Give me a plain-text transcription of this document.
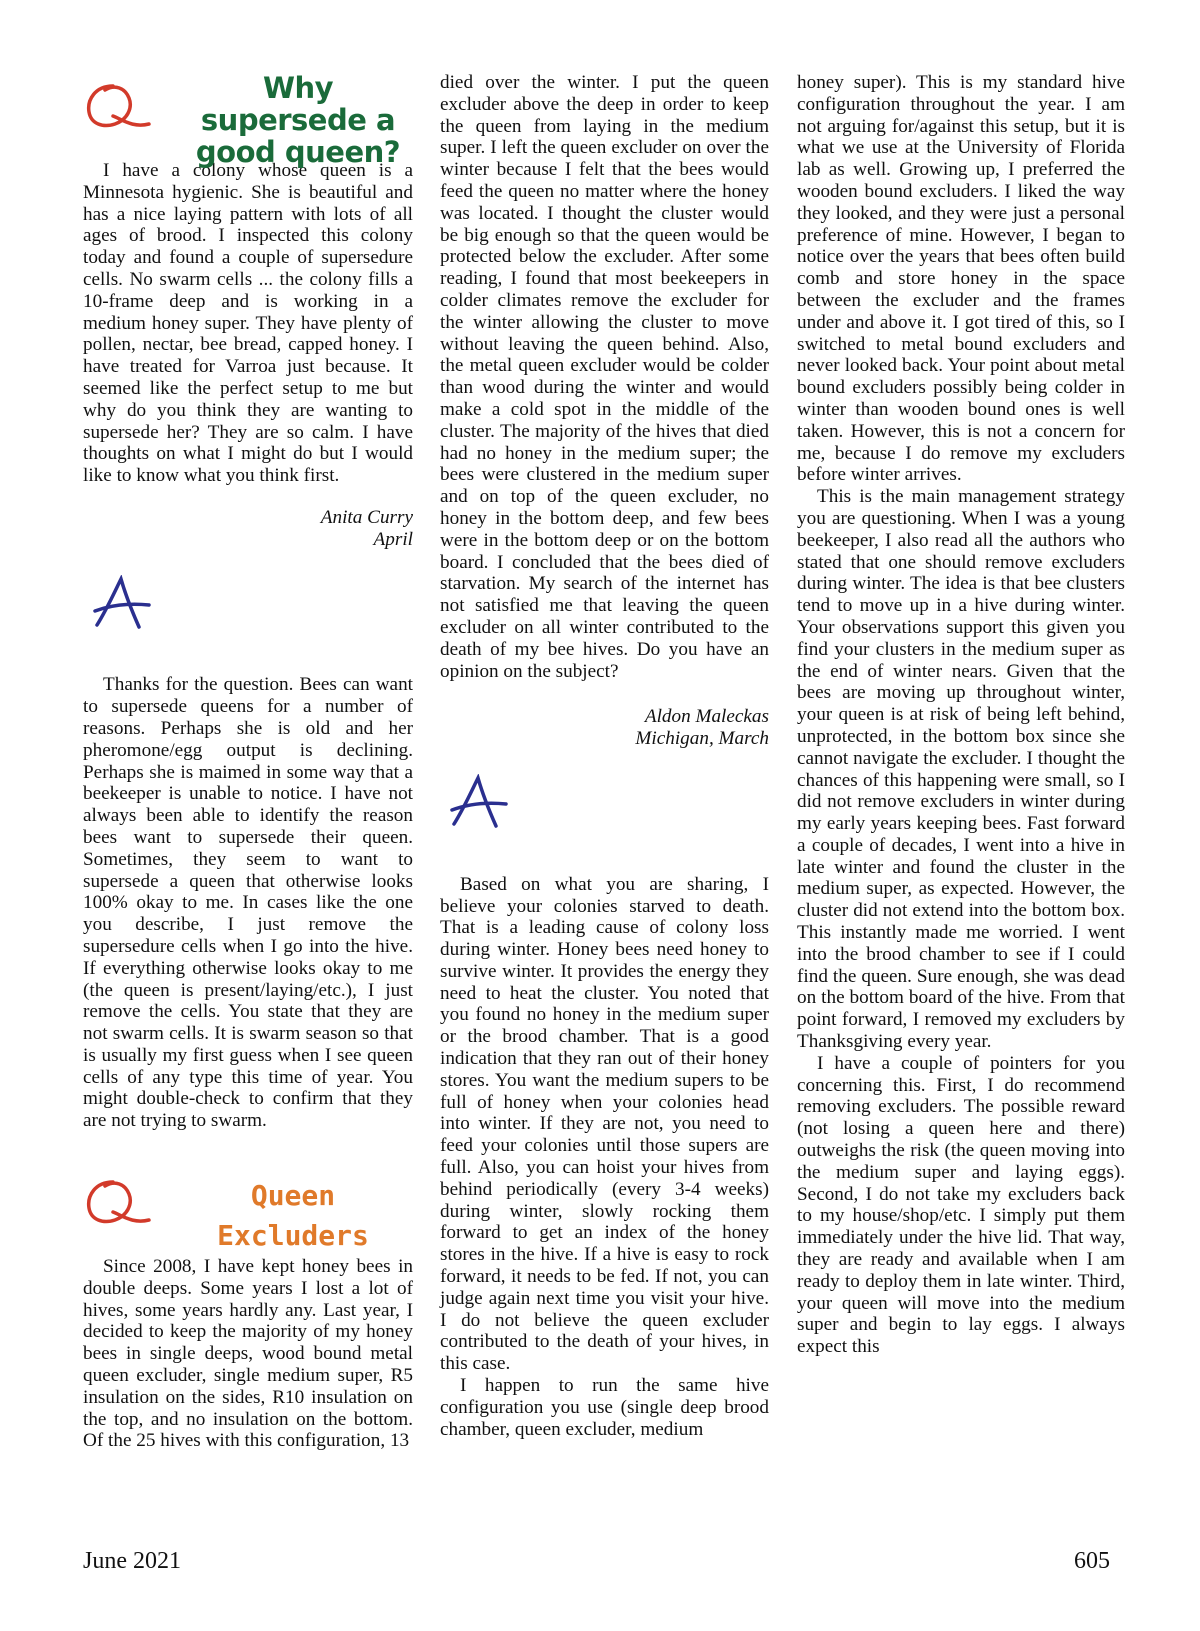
Why supersede a
good queen?

I have a colony whose queen is a Minnesota hygienic. She is beautiful and has a nice laying pattern with lots of all ages of brood. I inspected this colony today and found a couple of supersedure cells. No swarm cells ... the colony fills a 10-frame deep and is working in a medium honey super. They have plenty of pollen, nectar, bee bread, capped honey. I have treated for Varroa just because. It seemed like the perfect setup to me but why do you think they are wanting to supersede her? They are so calm. I have thoughts on what I might do but I would like to know what you think first.

Anita Curry
April

Thanks for the question. Bees can want to supersede queens for a number of reasons. Perhaps she is old and her pheromone/egg output is declining. Perhaps she is maimed in some way that a beekeeper is unable to notice. I have not always been able to identify the reason bees want to supersede their queen. Sometimes, they seem to want to supersede a queen that otherwise looks 100% okay to me. In cases like the one you describe, I just remove the supersedure cells when I go into the hive. If everything otherwise looks okay to me (the queen is present/laying/etc.), I just remove the cells. You state that they are not swarm cells. It is swarm season so that is usually my first guess when I see queen cells of any type this time of year. You might double-check to confirm that they are not trying to swarm.

Queen
Excluders

Since 2008, I have kept honey bees in double deeps. Some years I lost a lot of hives, some years hardly any. Last year, I decided to keep the majority of my honey bees in single deeps, wood bound metal queen excluder, single medium super, R5 insulation on the sides, R10 insulation on the top, and no insulation on the bottom. Of the 25 hives with this configuration, 13

died over the winter. I put the queen excluder above the deep in order to keep the queen from laying in the medium super. I left the queen excluder on over the winter because I felt that the bees would feed the queen no matter where the honey was located. I thought the cluster would be big enough so that the queen would be protected below the excluder. After some reading, I found that most beekeepers in colder climates remove the excluder for the winter allowing the cluster to move without leaving the queen behind. Also, the metal queen excluder would be colder than wood during the winter and would make a cold spot in the middle of the cluster. The majority of the hives that died had no honey in the medium super; the bees were clustered in the medium super and on top of the queen excluder, no honey in the bottom deep, and few bees were in the bottom deep or on the bottom board. I concluded that the bees died of starvation. My search of the internet has not satisfied me that leaving the queen excluder on all winter contributed to the death of my bee hives. Do you have an opinion on the subject?

Aldon Maleckas
Michigan, March

Based on what you are sharing, I believe your colonies starved to death. That is a leading cause of colony loss during winter. Honey bees need honey to survive winter. It provides the energy they need to heat the cluster. You noted that you found no honey in the medium super or the brood chamber. That is a good indication that they ran out of their honey stores. You want the medium supers to be full of honey when your colonies head into winter. If they are not, you need to feed your colonies until those supers are full. Also, you can hoist your hives from behind periodically (every 3-4 weeks) during winter, slowly rocking them forward to get an index of the honey stores in the hive. If a hive is easy to rock forward, it needs to be fed. If not, you can judge again next time you visit your hive. I do not believe the queen excluder contributed to the death of your hives, in this case.

I happen to run the same hive configuration you use (single deep brood chamber, queen excluder, medium

honey super). This is my standard hive configuration throughout the year. I am not arguing for/against this setup, but it is what we use at the University of Florida lab as well. Growing up, I preferred the wooden bound excluders. I liked the way they looked, and they were just a personal preference of mine. However, I began to notice over the years that bees often build comb and store honey in the space between the excluder and the frames under and above it. I got tired of this, so I switched to metal bound excluders and never looked back. Your point about metal bound excluders possibly being colder in winter than wooden bound ones is well taken. However, this is not a concern for me, because I do remove my excluders before winter arrives.

This is the main management strategy you are questioning. When I was a young beekeeper, I also read all the authors who stated that one should remove excluders during winter. The idea is that bee clusters tend to move up in a hive during winter. Your observations support this given you find your clusters in the medium super as the end of winter nears. Given that the bees are moving up throughout winter, your queen is at risk of being left behind, unprotected, in the bottom box since she cannot navigate the excluder. I thought the chances of this happening were small, so I did not remove excluders in winter during my early years keeping bees. Fast forward a couple of decades, I went into a hive in late winter and found the cluster in the medium super, as expected. However, the cluster did not extend into the bottom box. This instantly made me worried. I went into the brood chamber to see if I could find the queen. Sure enough, she was dead on the bottom board of the hive. From that point forward, I removed my excluders by Thanksgiving every year.

I have a couple of pointers for you concerning this. First, I do recommend removing excluders. The possible reward (not losing a queen here and there) outweighs the risk (the queen moving into the medium super and laying eggs). Second, I do not take my excluders back to my house/shop/etc. I simply put them immediately under the hive lid. That way, they are ready and available when I am ready to deploy them in late winter. Third, your queen will move into the medium super and begin to lay eggs. I always expect this

June 2021	605
